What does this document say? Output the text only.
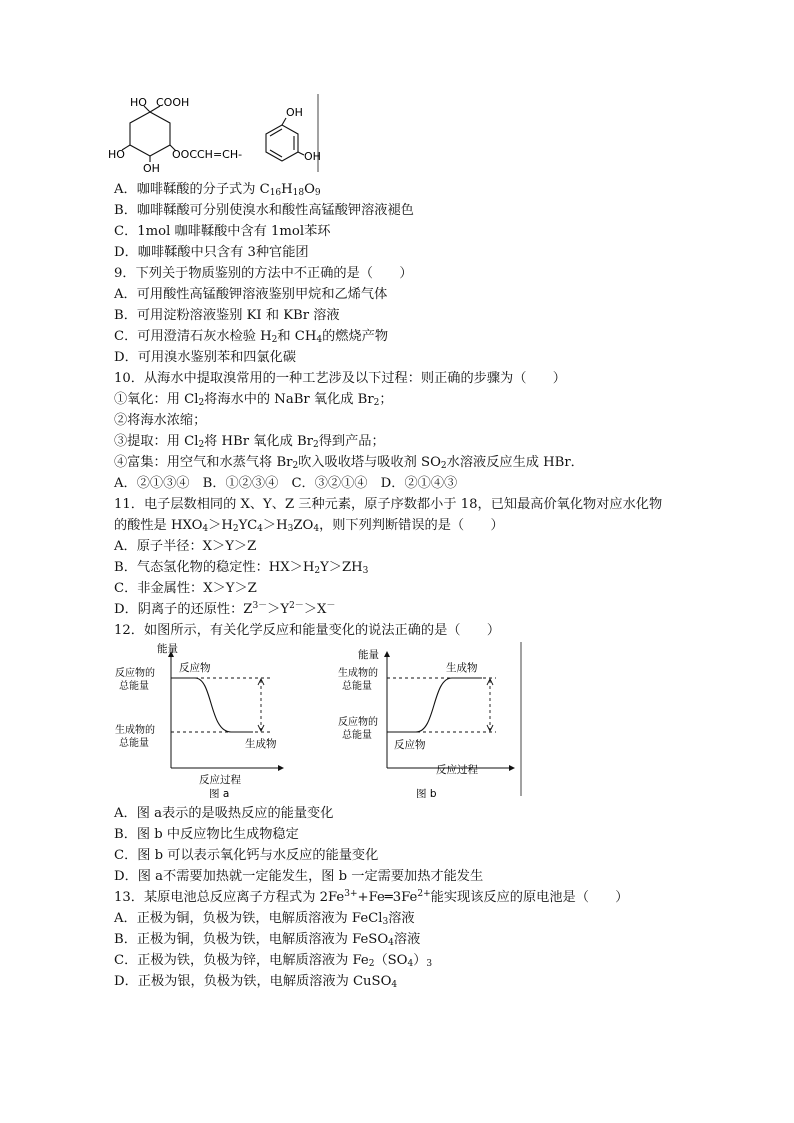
HO COOH
HO
OH
OOCCH=CH-
OH
OH
A．咖啡鞣酸的分子式为 $C_{16}H_{18}O_9$
B．咖啡鞣酸可分别使溴水和酸性高锰酸钾溶液褪色
C．1mol 咖啡鞣酸中含有 1mol苯环
D．咖啡鞣酸中只含有 3种官能团
9．下列关于物质鉴别的方法中不正确的是（　　）
A．可用酸性高锰酸钾溶液鉴别甲烷和乙烯气体
B．可用淀粉溶液鉴别 KI 和 KBr 溶液
C．可用澄清石灰水检验 $H_2$和 $CH_4$的燃烧产物
D．可用溴水鉴别苯和四氯化碳
10．从海水中提取溴常用的一种工艺涉及以下过程：则正确的步骤为（　　）
①氧化：用 $Cl_2$将海水中的 NaBr 氧化成 $Br_2$；
②将海水浓缩；
③提取：用 $Cl_2$将 HBr 氧化成 $Br_2$得到产品；
④富集：用空气和水蒸气将 $Br_2$吹入吸收塔与吸收剂 $SO_2$水溶液反应生成 HBr．
A．②①③④　B．①②③④　C．③②①④　D．②①④③
11．电子层数相同的 X、Y、Z 三种元素，原子序数都小于 18，已知最高价氧化物对应水化物
的酸性是 $HXO_4>H_2YC_4>H_3ZO_4$，则下列判断错误的是（　　）
A．原子半径：X＞Y＞Z
B．气态氢化物的稳定性：$HX>H_2Y>ZH_3$
C．非金属性：X＞Y＞Z
D．阴离子的还原性：$Z^{3-}>Y^{2-}>X^-$
12．如图所示，有关化学反应和能量变化的说法正确的是（　　）
能量
反应物的
总能量
生成物的
总能量
反应物
生成物
反应过程
图 a
能量
生成物的
总能量
反应物的
总能量
反应物
生成物
反应过程
图 b
A．图 a表示的是吸热反应的能量变化
B．图 b 中反应物比生成物稳定
C．图 b 可以表示氧化钙与水反应的能量变化
D．图 a不需要加热就一定能发生，图 b 一定需要加热才能发生
13．某原电池总反应离子方程式为 $2Fe^{3+}+Fe═3Fe^{2+}$能实现该反应的原电池是（　　）
A．正极为铜，负极为铁，电解质溶液为 FeCl$_3$溶液
B．正极为铜，负极为铁，电解质溶液为 FeSO$_4$溶液
C．正极为铁，负极为锌，电解质溶液为 $Fe_2(SO_4)_3$
D．正极为银，负极为铁，电解质溶液为 CuSO$_4$
